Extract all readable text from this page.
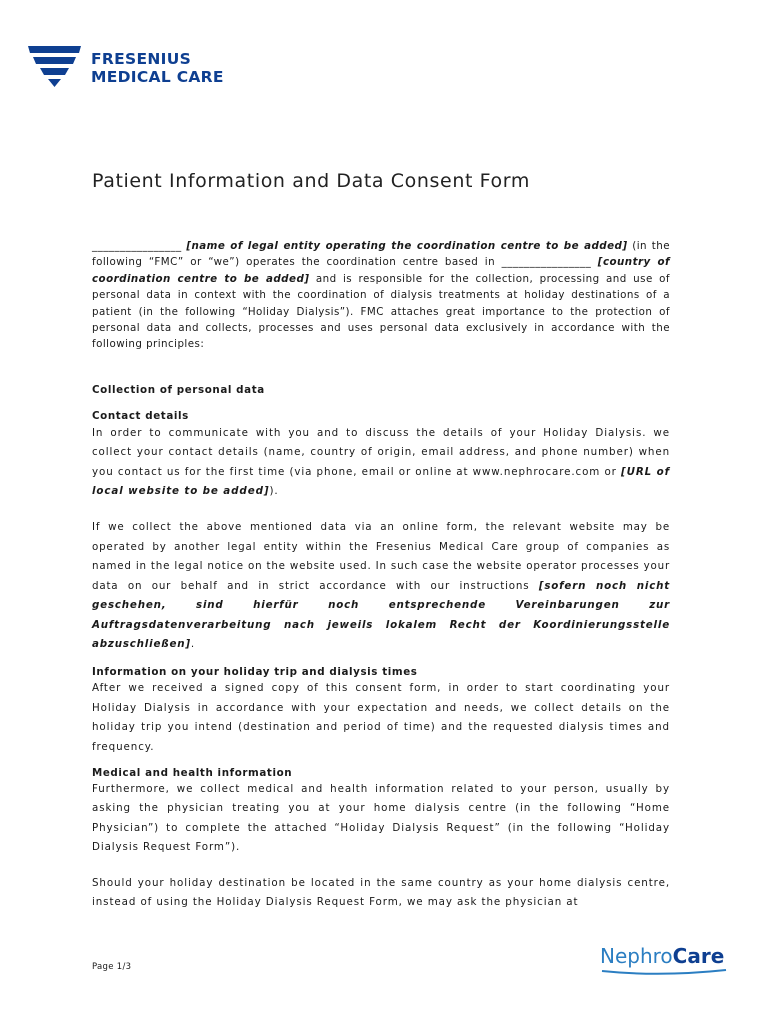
FRESENIUS
MEDICAL CARE
Patient Information and Data Consent Form

________________ [name of legal entity operating the coordination centre to be added] (in the following “FMC” or “we”) operates the coordination centre based in ________________ [country of coordination centre to be added] and is responsible for the collection, processing and use of personal data in context with the coordination of dialysis treatments at holiday destinations of a patient (in the following “Holiday Dialysis”). FMC attaches great importance to the protection of personal data and collects, processes and uses personal data exclusively in accordance with the following principles:

Collection of personal data

Contact details

In order to communicate with you and to discuss the details of your Holiday Dialysis. we collect your contact details (name, country of origin, email address, and phone number) when you contact us for the first time (via phone, email or online at www.nephrocare.com or [URL of local website to be added]).

If we collect the above mentioned data via an online form, the relevant website may be operated by another legal entity within the Fresenius Medical Care group of companies as named in the legal notice on the website used. In such case the website operator processes your data on our behalf and in strict accordance with our instructions [sofern noch nicht geschehen, sind hierfür noch entsprechende Vereinbarungen zur Auftragsdatenverarbeitung nach jeweils lokalem Recht der Koordinierungsstelle abzuschließen].

Information on your holiday trip and dialysis times

After we received a signed copy of this consent form, in order to start coordinating your Holiday Dialysis in accordance with your expectation and needs, we collect details on the holiday trip you intend (destination and period of time) and the requested dialysis times and frequency.

Medical and health information

Furthermore, we collect medical and health information related to your person, usually by asking the physician treating you at your home dialysis centre (in the following “Home Physician”) to complete the attached “Holiday Dialysis Request” (in the following “Holiday Dialysis Request Form”).

Should your holiday destination be located in the same country as your home dialysis centre, instead of using the Holiday Dialysis Request Form, we may ask the physician at

Page 1/3	NephroCare
